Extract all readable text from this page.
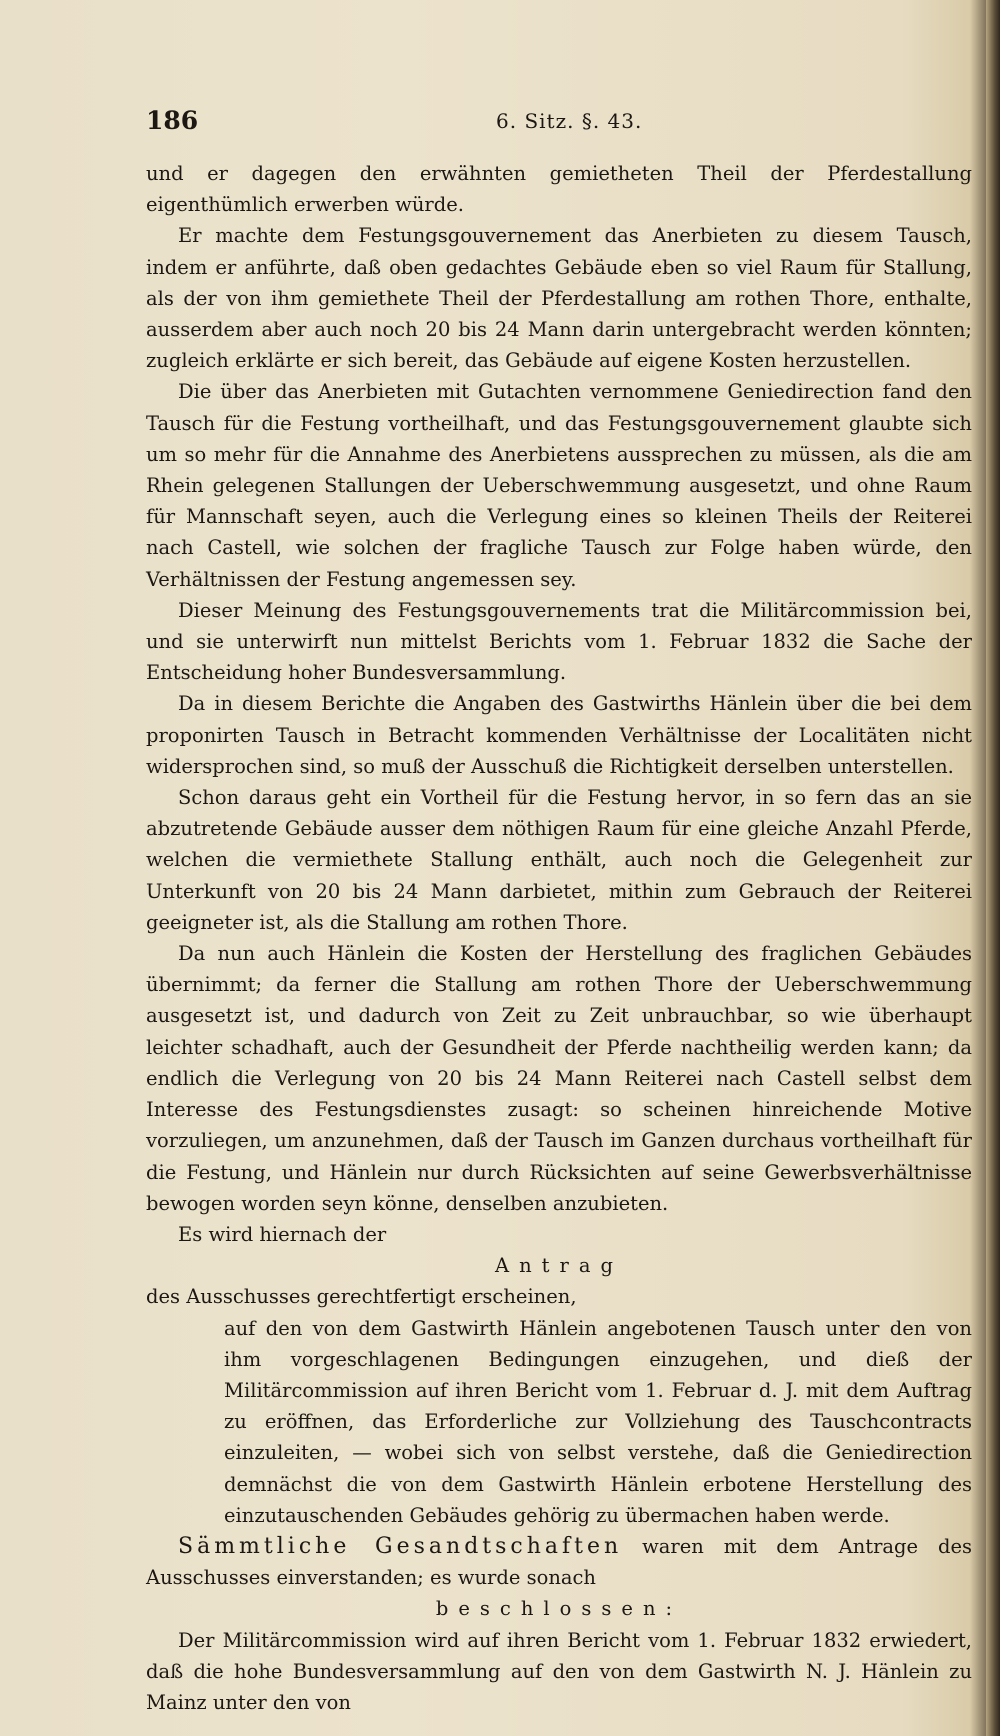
186	6. Sitz. §. 43.

und er dagegen den erwähnten gemietheten Theil der Pferdestallung eigenthümlich erwerben würde.

Er machte dem Festungsgouvernement das Anerbieten zu diesem Tausch, indem er anführte, daß oben gedachtes Gebäude eben so viel Raum für Stallung, als der von ihm gemiethete Theil der Pferdestallung am rothen Thore, enthalte, ausserdem aber auch noch 20 bis 24 Mann darin untergebracht werden könnten; zugleich erklärte er sich bereit, das Gebäude auf eigene Kosten herzustellen.

Die über das Anerbieten mit Gutachten vernommene Geniedirection fand den Tausch für die Festung vortheilhaft, und das Festungsgouvernement glaubte sich um so mehr für die Annahme des Anerbietens aussprechen zu müssen, als die am Rhein gelegenen Stallungen der Ueberschwemmung ausgesetzt, und ohne Raum für Mannschaft seyen, auch die Verlegung eines so kleinen Theils der Reiterei nach Castell, wie solchen der fragliche Tausch zur Folge haben würde, den Verhältnissen der Festung angemessen sey.

Dieser Meinung des Festungsgouvernements trat die Militärcommission bei, und sie unterwirft nun mittelst Berichts vom 1. Februar 1832 die Sache der Entscheidung hoher Bundesversammlung.

Da in diesem Berichte die Angaben des Gastwirths Hänlein über die bei dem proponirten Tausch in Betracht kommenden Verhältnisse der Localitäten nicht widersprochen sind, so muß der Ausschuß die Richtigkeit derselben unterstellen.

Schon daraus geht ein Vortheil für die Festung hervor, in so fern das an sie abzutretende Gebäude ausser dem nöthigen Raum für eine gleiche Anzahl Pferde, welchen die vermiethete Stallung enthält, auch noch die Gelegenheit zur Unterkunft von 20 bis 24 Mann darbietet, mithin zum Gebrauch der Reiterei geeigneter ist, als die Stallung am rothen Thore.

Da nun auch Hänlein die Kosten der Herstellung des fraglichen Gebäudes übernimmt; da ferner die Stallung am rothen Thore der Ueberschwemmung ausgesetzt ist, und dadurch von Zeit zu Zeit unbrauchbar, so wie überhaupt leichter schadhaft, auch der Gesundheit der Pferde nachtheilig werden kann; da endlich die Verlegung von 20 bis 24 Mann Reiterei nach Castell selbst dem Interesse des Festungsdienstes zusagt: so scheinen hinreichende Motive vorzuliegen, um anzunehmen, daß der Tausch im Ganzen durchaus vortheilhaft für die Festung, und Hänlein nur durch Rücksichten auf seine Gewerbsverhältnisse bewogen worden seyn könne, denselben anzubieten.

Es wird hiernach der

Antrag

des Ausschusses gerechtfertigt erscheinen,

auf den von dem Gastwirth Hänlein angebotenen Tausch unter den von ihm vorgeschlagenen Bedingungen einzugehen, und dieß der Militärcommission auf ihren Bericht vom 1. Februar d. J. mit dem Auftrag zu eröffnen, das Erforderliche zur Vollziehung des Tauschcontracts einzuleiten, — wobei sich von selbst verstehe, daß die Geniedirection demnächst die von dem Gastwirth Hänlein erbotene Herstellung des einzutauschenden Gebäudes gehörig zu übermachen haben werde.

Sämmtliche Gesandtschaften waren mit dem Antrage des Ausschusses einverstanden; es wurde sonach

beschlossen:

Der Militärcommission wird auf ihren Bericht vom 1. Februar 1832 erwiedert, daß die hohe Bundesversammlung auf den von dem Gastwirth N. J. Hänlein zu Mainz unter den von
